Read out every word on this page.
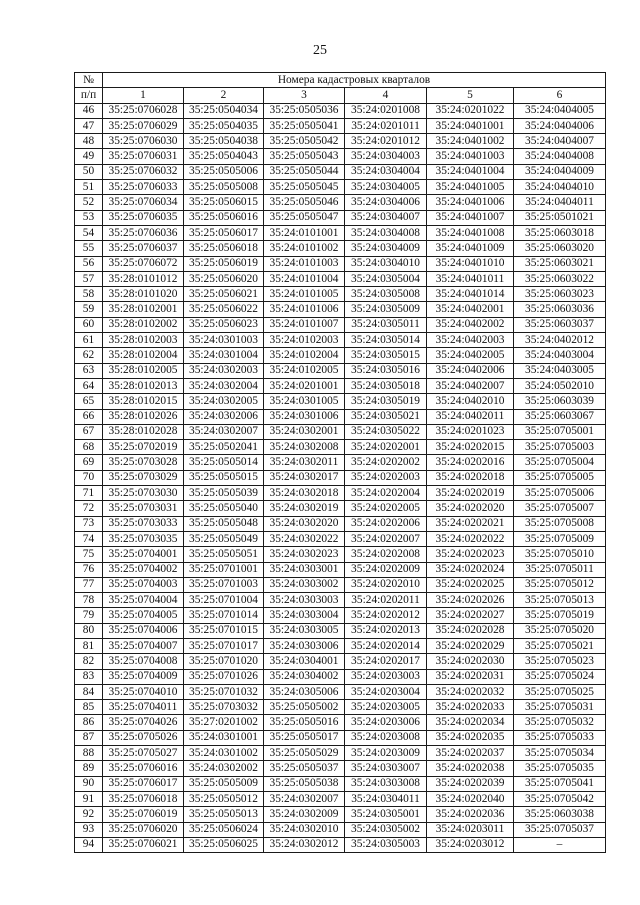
25
№	Номера кадастровых кварталов					
п/п	1	2	3	4	5	6
46	35:25:0706028	35:25:0504034	35:25:0505036	35:24:0201008	35:24:0201022	35:24:0404005
47	35:25:0706029	35:25:0504035	35:25:0505041	35:24:0201011	35:24:0401001	35:24:0404006
48	35:25:0706030	35:25:0504038	35:25:0505042	35:24:0201012	35:24:0401002	35:24:0404007
49	35:25:0706031	35:25:0504043	35:25:0505043	35:24:0304003	35:24:0401003	35:24:0404008
50	35:25:0706032	35:25:0505006	35:25:0505044	35:24:0304004	35:24:0401004	35:24:0404009
51	35:25:0706033	35:25:0505008	35:25:0505045	35:24:0304005	35:24:0401005	35:24:0404010
52	35:25:0706034	35:25:0506015	35:25:0505046	35:24:0304006	35:24:0401006	35:24:0404011
53	35:25:0706035	35:25:0506016	35:25:0505047	35:24:0304007	35:24:0401007	35:25:0501021
54	35:25:0706036	35:25:0506017	35:24:0101001	35:24:0304008	35:24:0401008	35:25:0603018
55	35:25:0706037	35:25:0506018	35:24:0101002	35:24:0304009	35:24:0401009	35:25:0603020
56	35:25:0706072	35:25:0506019	35:24:0101003	35:24:0304010	35:24:0401010	35:25:0603021
57	35:28:0101012	35:25:0506020	35:24:0101004	35:24:0305004	35:24:0401011	35:25:0603022
58	35:28:0101020	35:25:0506021	35:24:0101005	35:24:0305008	35:24:0401014	35:25:0603023
59	35:28:0102001	35:25:0506022	35:24:0101006	35:24:0305009	35:24:0402001	35:25:0603036
60	35:28:0102002	35:25:0506023	35:24:0101007	35:24:0305011	35:24:0402002	35:25:0603037
61	35:28:0102003	35:24:0301003	35:24:0102003	35:24:0305014	35:24:0402003	35:24:0402012
62	35:28:0102004	35:24:0301004	35:24:0102004	35:24:0305015	35:24:0402005	35:24:0403004
63	35:28:0102005	35:24:0302003	35:24:0102005	35:24:0305016	35:24:0402006	35:24:0403005
64	35:28:0102013	35:24:0302004	35:24:0201001	35:24:0305018	35:24:0402007	35:24:0502010
65	35:28:0102015	35:24:0302005	35:24:0301005	35:24:0305019	35:24:0402010	35:25:0603039
66	35:28:0102026	35:24:0302006	35:24:0301006	35:24:0305021	35:24:0402011	35:25:0603067
67	35:28:0102028	35:24:0302007	35:24:0302001	35:24:0305022	35:24:0201023	35:25:0705001
68	35:25:0702019	35:25:0502041	35:24:0302008	35:24:0202001	35:24:0202015	35:25:0705003
69	35:25:0703028	35:25:0505014	35:24:0302011	35:24:0202002	35:24:0202016	35:25:0705004
70	35:25:0703029	35:25:0505015	35:24:0302017	35:24:0202003	35:24:0202018	35:25:0705005
71	35:25:0703030	35:25:0505039	35:24:0302018	35:24:0202004	35:24:0202019	35:25:0705006
72	35:25:0703031	35:25:0505040	35:24:0302019	35:24:0202005	35:24:0202020	35:25:0705007
73	35:25:0703033	35:25:0505048	35:24:0302020	35:24:0202006	35:24:0202021	35:25:0705008
74	35:25:0703035	35:25:0505049	35:24:0302022	35:24:0202007	35:24:0202022	35:25:0705009
75	35:25:0704001	35:25:0505051	35:24:0302023	35:24:0202008	35:24:0202023	35:25:0705010
76	35:25:0704002	35:25:0701001	35:24:0303001	35:24:0202009	35:24:0202024	35:25:0705011
77	35:25:0704003	35:25:0701003	35:24:0303002	35:24:0202010	35:24:0202025	35:25:0705012
78	35:25:0704004	35:25:0701004	35:24:0303003	35:24:0202011	35:24:0202026	35:25:0705013
79	35:25:0704005	35:25:0701014	35:24:0303004	35:24:0202012	35:24:0202027	35:25:0705019
80	35:25:0704006	35:25:0701015	35:24:0303005	35:24:0202013	35:24:0202028	35:25:0705020
81	35:25:0704007	35:25:0701017	35:24:0303006	35:24:0202014	35:24:0202029	35:25:0705021
82	35:25:0704008	35:25:0701020	35:24:0304001	35:24:0202017	35:24:0202030	35:25:0705023
83	35:25:0704009	35:25:0701026	35:24:0304002	35:24:0203003	35:24:0202031	35:25:0705024
84	35:25:0704010	35:25:0701032	35:24:0305006	35:24:0203004	35:24:0202032	35:25:0705025
85	35:25:0704011	35:25:0703032	35:25:0505002	35:24:0203005	35:24:0202033	35:25:0705031
86	35:25:0704026	35:27:0201002	35:25:0505016	35:24:0203006	35:24:0202034	35:25:0705032
87	35:25:0705026	35:24:0301001	35:25:0505017	35:24:0203008	35:24:0202035	35:25:0705033
88	35:25:0705027	35:24:0301002	35:25:0505029	35:24:0203009	35:24:0202037	35:25:0705034
89	35:25:0706016	35:24:0302002	35:25:0505037	35:24:0303007	35:24:0202038	35:25:0705035
90	35:25:0706017	35:25:0505009	35:25:0505038	35:24:0303008	35:24:0202039	35:25:0705041
91	35:25:0706018	35:25:0505012	35:24:0302007	35:24:0304011	35:24:0202040	35:25:0705042
92	35:25:0706019	35:25:0505013	35:24:0302009	35:24:0305001	35:24:0202036	35:25:0603038
93	35:25:0706020	35:25:0506024	35:24:0302010	35:24:0305002	35:24:0203011	35:25:0705037
94	35:25:0706021	35:25:0506025	35:24:0302012	35:24:0305003	35:24:0203012	–
